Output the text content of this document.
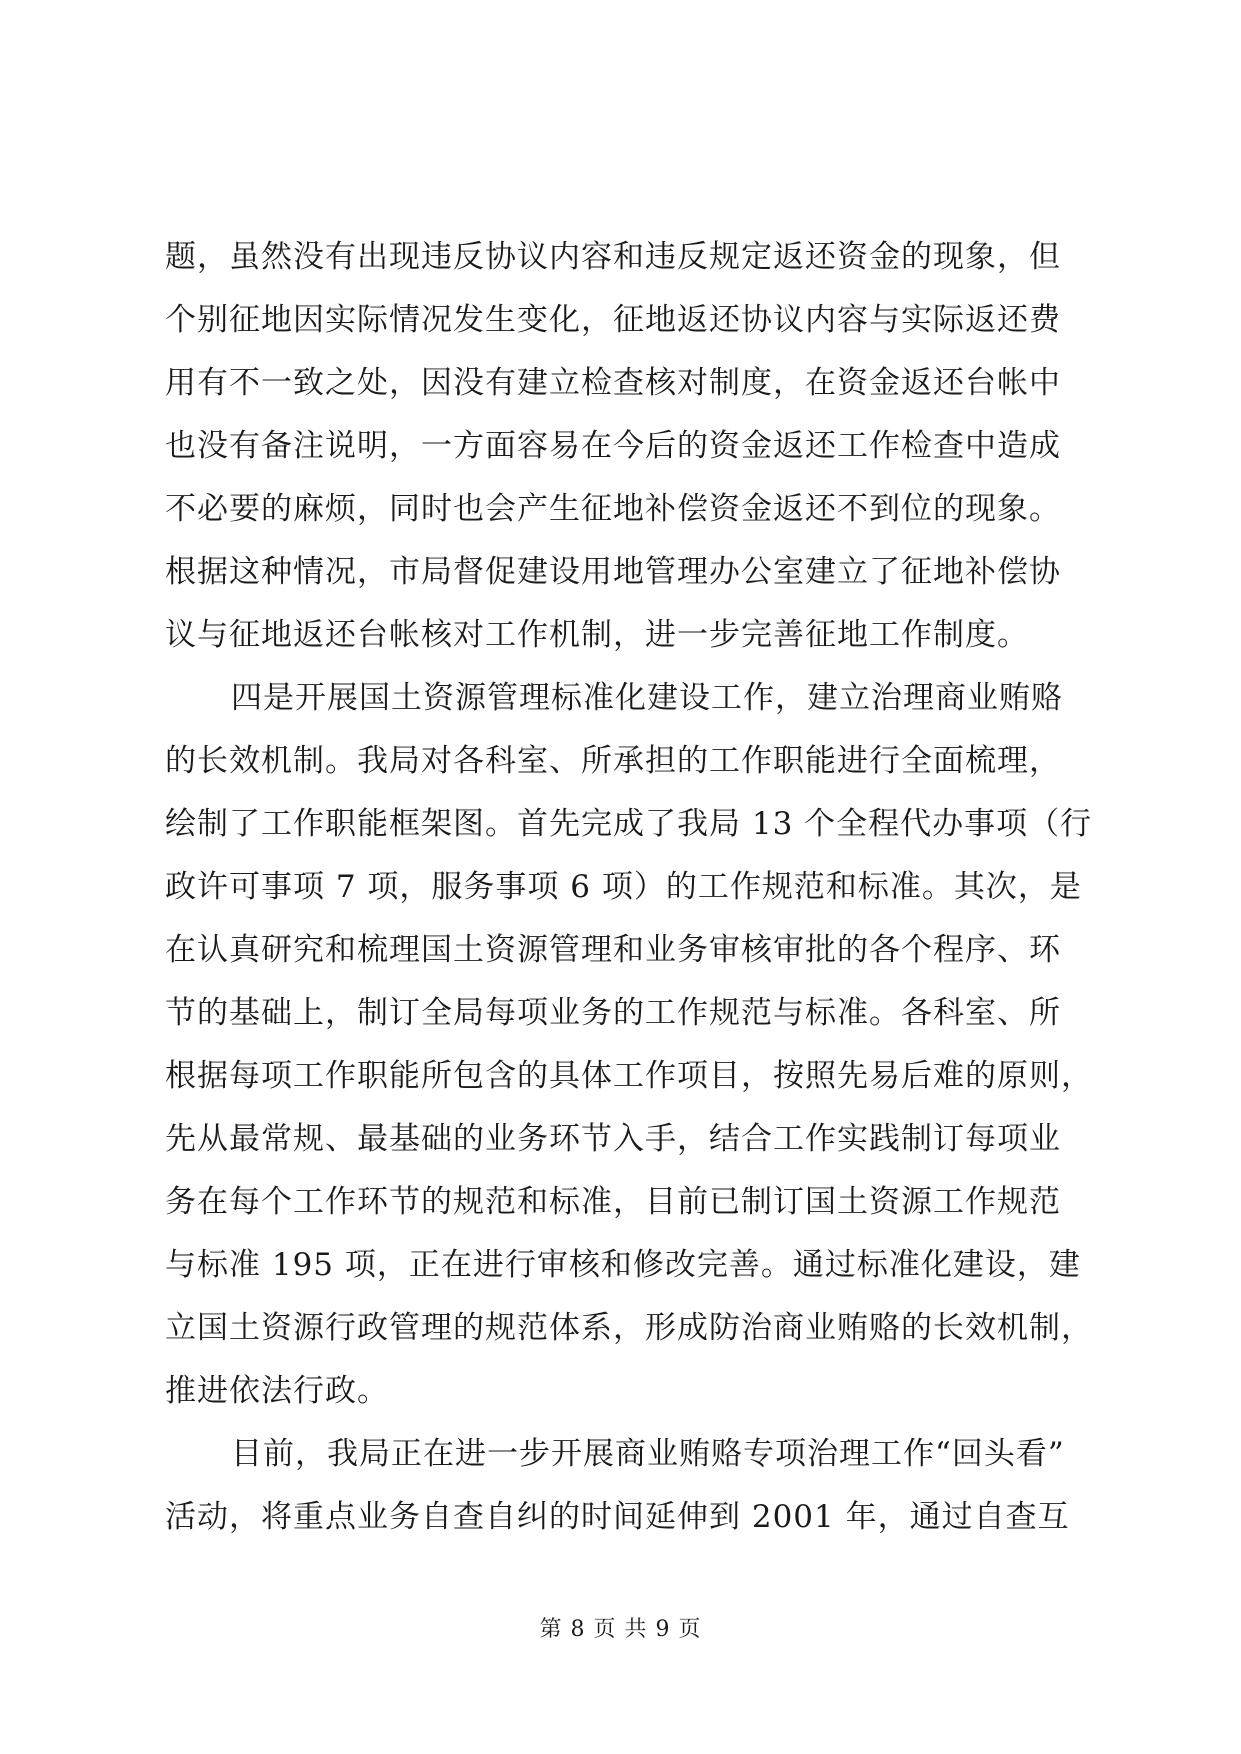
题，虽然没有出现违反协议内容和违反规定返还资金的现象，但
个别征地因实际情况发生变化，征地返还协议内容与实际返还费
用有不一致之处，因没有建立检查核对制度，在资金返还台帐中
也没有备注说明，一方面容易在今后的资金返还工作检查中造成
不必要的麻烦，同时也会产生征地补偿资金返还不到位的现象。
根据这种情况，市局督促建设用地管理办公室建立了征地补偿协
议与征地返还台帐核对工作机制，进一步完善征地工作制度。
四是开展国土资源管理标准化建设工作，建立治理商业贿赂
的长效机制。我局对各科室、所承担的工作职能进行全面梳理，
绘制了工作职能框架图。首先完成了我局 13 个全程代办事项（行
政许可事项 7 项，服务事项 6 项）的工作规范和标准。其次，是
在认真研究和梳理国土资源管理和业务审核审批的各个程序、环
节的基础上，制订全局每项业务的工作规范与标准。各科室、所
根据每项工作职能所包含的具体工作项目，按照先易后难的原则，
先从最常规、最基础的业务环节入手，结合工作实践制订每项业
务在每个工作环节的规范和标准，目前已制订国土资源工作规范
与标准 195 项，正在进行审核和修改完善。通过标准化建设，建
立国土资源行政管理的规范体系，形成防治商业贿赂的长效机制，
推进依法行政。
目前，我局正在进一步开展商业贿赂专项治理工作“回头看”
活动，将重点业务自查自纠的时间延伸到 2001 年，通过自查互
第 8 页 共 9 页
